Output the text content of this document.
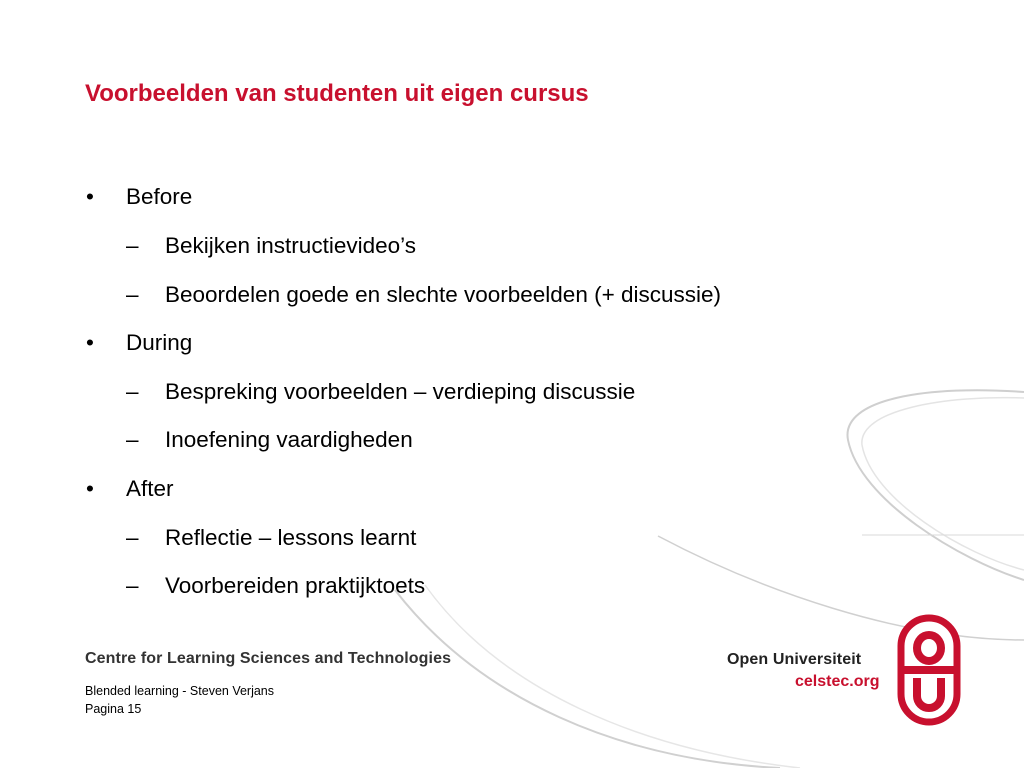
Voorbeelden van studenten uit eigen cursus
• Before
– Bekijken instructievideo’s
– Beoordelen goede en slechte voorbeelden (+ discussie)
• During
– Bespreking voorbeelden – verdieping discussie
– Inoefening vaardigheden
• After
– Reflectie – lessons learnt
– Voorbereiden praktijktoets
Centre for Learning Sciences and Technologies
Blended learning - Steven Verjans
Pagina 15
Open Universiteit
celstec.org
